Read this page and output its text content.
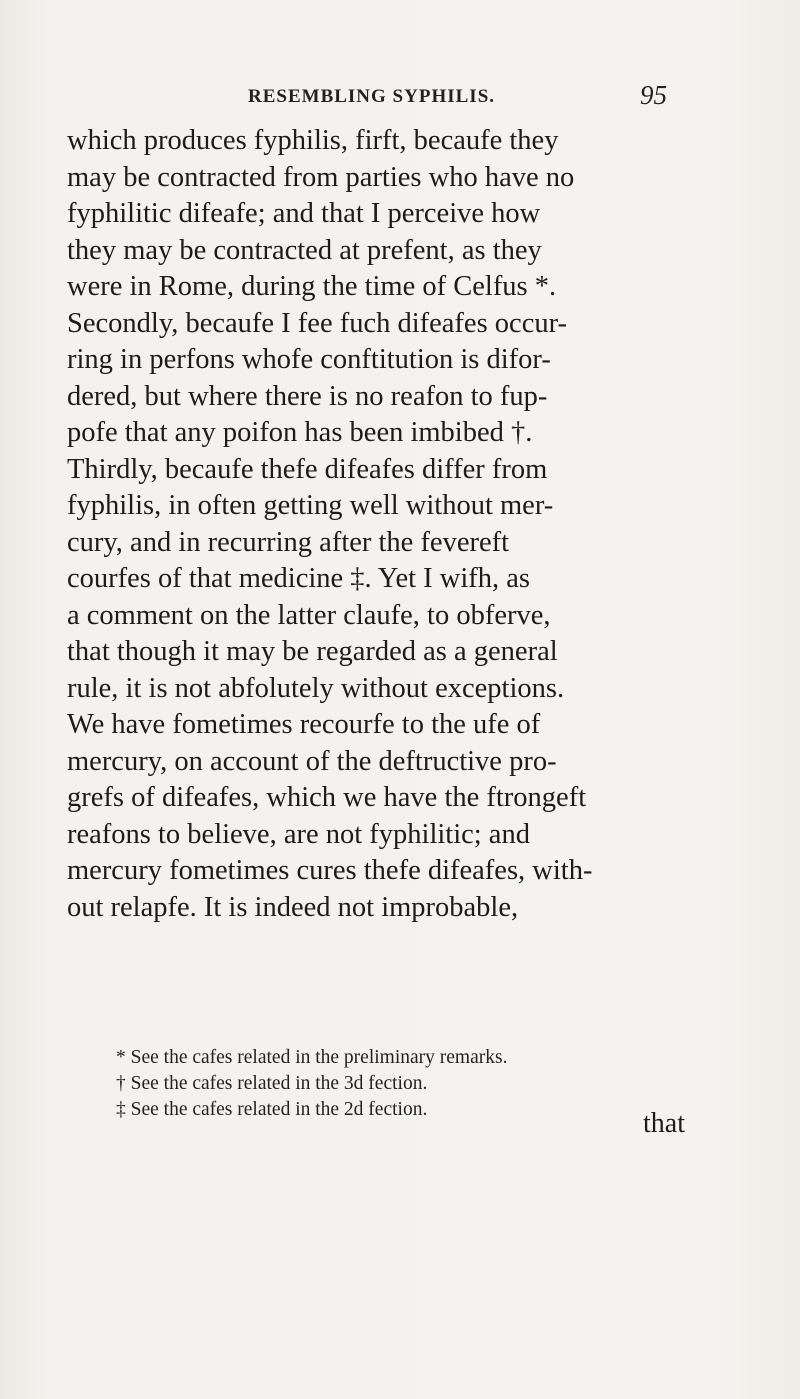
RESEMBLING SYPHILIS.	95
which produces fyphilis, firft, becaufe they
may be contracted from parties who have no
fyphilitic difeafe; and that I perceive how
they may be contracted at prefent, as they
were in Rome, during the time of Celfus *.
Secondly, becaufe I fee fuch difeafes occur-
ring in perfons whofe conftitution is difor-
dered, but where there is no reafon to fup-
pofe that any poifon has been imbibed †.
Thirdly, becaufe thefe difeafes differ from
fyphilis, in often getting well without mer-
cury, and in recurring after the fevereft
courfes of that medicine ‡. Yet I wifh, as
a comment on the latter claufe, to obferve,
that though it may be regarded as a general
rule, it is not abfolutely without exceptions.
We have fometimes recourfe to the ufe of
mercury, on account of the deftructive pro-
grefs of difeafes, which we have the ftrongeft
reafons to believe, are not fyphilitic; and
mercury fometimes cures thefe difeafes, with-
out relapfe. It is indeed not improbable,
* See the cafes related in the preliminary remarks.
† See the cafes related in the 3d fection.
‡ See the cafes related in the 2d fection.	that
